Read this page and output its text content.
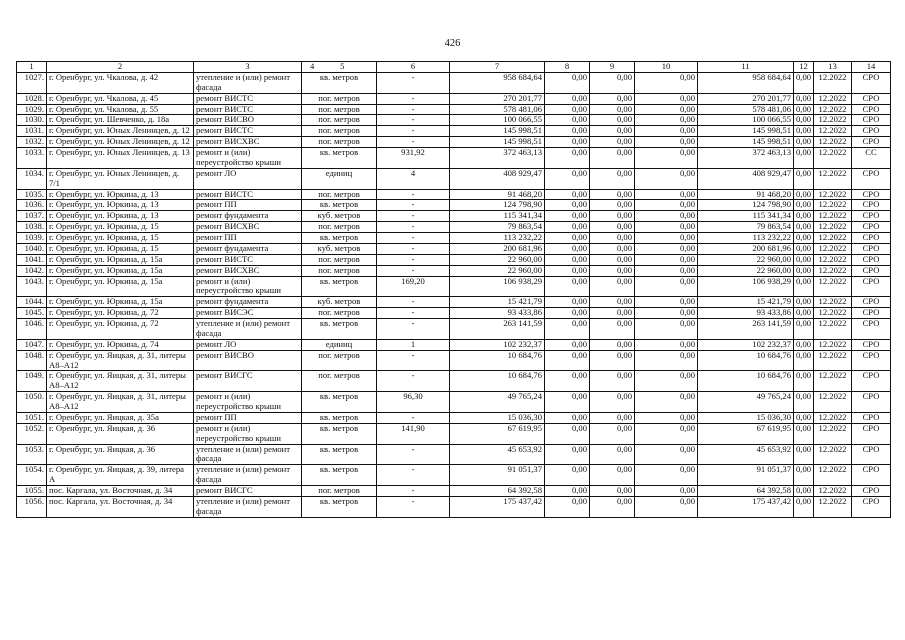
426
1	2	3	4            5	6	7	8	9	10	11	12	13	14
1027.	г. Оренбург, ул. Чкалова, д. 42	утепление и (или) ремонт фасада	кв. метров	-	958 684,64	0,00	0,00	0,00	958 684,64	0,00	12.2022	СРО
1028.	г. Оренбург, ул. Чкалова, д. 45	ремонт ВИСТС	пог. метров	-	270 201,77	0,00	0,00	0,00	270 201,77	0,00	12.2022	СРО
1029.	г. Оренбург, ул. Чкалова, д. 55	ремонт ВИСТС	пог. метров	-	578 481,06	0,00	0,00	0,00	578 481,06	0,00	12.2022	СРО
1030.	г. Оренбург, ул. Шевченко, д. 18а	ремонт ВИСВО	пог. метров	-	100 066,55	0,00	0,00	0,00	100 066,55	0,00	12.2022	СРО
1031.	г. Оренбург, ул. Юных Ленинцев, д. 12	ремонт ВИСТС	пог. метров	-	145 998,51	0,00	0,00	0,00	145 998,51	0,00	12.2022	СРО
1032.	г. Оренбург, ул. Юных Ленинцев, д. 12	ремонт ВИСХВС	пог. метров	-	145 998,51	0,00	0,00	0,00	145 998,51	0,00	12.2022	СРО
1033.	г. Оренбург, ул. Юных Ленинцев, д. 13	ремонт и (или) переустройство крыши	кв. метров	931,92	372 463,13	0,00	0,00	0,00	372 463,13	0,00	12.2022	СС
1034.	г. Оренбург, ул. Юных Ленинцев, д. 7/1	ремонт ЛО	единиц	4	408 929,47	0,00	0,00	0,00	408 929,47	0,00	12.2022	СРО
1035.	г. Оренбург, ул. Юркина, д. 13	ремонт ВИСТС	пог. метров	-	91 468,20	0,00	0,00	0,00	91 468,20	0,00	12.2022	СРО
1036.	г. Оренбург, ул. Юркина, д. 13	ремонт ПП	кв. метров	-	124 798,90	0,00	0,00	0,00	124 798,90	0,00	12.2022	СРО
1037.	г. Оренбург, ул. Юркина, д. 13	ремонт фундамента	куб. метров	-	115 341,34	0,00	0,00	0,00	115 341,34	0,00	12.2022	СРО
1038.	г. Оренбург, ул. Юркина, д. 15	ремонт ВИСХВС	пог. метров	-	79 863,54	0,00	0,00	0,00	79 863,54	0,00	12.2022	СРО
1039.	г. Оренбург, ул. Юркина, д. 15	ремонт ПП	кв. метров	-	113 232,22	0,00	0,00	0,00	113 232,22	0,00	12.2022	СРО
1040.	г. Оренбург, ул. Юркина, д. 15	ремонт фундамента	куб. метров	-	200 681,96	0,00	0,00	0,00	200 681,96	0,00	12.2022	СРО
1041.	г. Оренбург, ул. Юркина, д. 15а	ремонт ВИСТС	пог. метров	-	22 960,00	0,00	0,00	0,00	22 960,00	0,00	12.2022	СРО
1042.	г. Оренбург, ул. Юркина, д. 15а	ремонт ВИСХВС	пог. метров	-	22 960,00	0,00	0,00	0,00	22 960,00	0,00	12.2022	СРО
1043.	г. Оренбург, ул. Юркина, д. 15а	ремонт и (или) переустройство крыши	кв. метров	169,20	106 938,29	0,00	0,00	0,00	106 938,29	0,00	12.2022	СРО
1044.	г. Оренбург, ул. Юркина, д. 15а	ремонт фундамента	куб. метров	-	15 421,79	0,00	0,00	0,00	15 421,79	0,00	12.2022	СРО
1045.	г. Оренбург, ул. Юркина, д. 72	ремонт ВИСЭС	пог. метров	-	93 433,86	0,00	0,00	0,00	93 433,86	0,00	12.2022	СРО
1046.	г. Оренбург, ул. Юркина, д. 72	утепление и (или) ремонт фасада	кв. метров	-	263 141,59	0,00	0,00	0,00	263 141,59	0,00	12.2022	СРО
1047.	г. Оренбург, ул. Юркина, д. 74	ремонт ЛО	единиц	1	102 232,37	0,00	0,00	0,00	102 232,37	0,00	12.2022	СРО
1048.	г. Оренбург, ул. Яицкая, д. 31, литеры А8–А12	ремонт ВИСВО	пог. метров	-	10 684,76	0,00	0,00	0,00	10 684,76	0,00	12.2022	СРО
1049.	г. Оренбург, ул. Яицкая, д. 31, литеры А8–А12	ремонт ВИСГС	пог. метров	-	10 684,76	0,00	0,00	0,00	10 684,76	0,00	12.2022	СРО
1050.	г. Оренбург, ул. Яицкая, д. 31, литеры А8–А12	ремонт и (или) переустройство крыши	кв. метров	96,30	49 765,24	0,00	0,00	0,00	49 765,24	0,00	12.2022	СРО
1051.	г. Оренбург, ул. Яицкая, д. 35а	ремонт ПП	кв. метров	-	15 036,30	0,00	0,00	0,00	15 036,30	0,00	12.2022	СРО
1052.	г. Оренбург, ул. Яицкая, д. 36	ремонт и (или) переустройство крыши	кв. метров	141,90	67 619,95	0,00	0,00	0,00	67 619,95	0,00	12.2022	СРО
1053.	г. Оренбург, ул. Яицкая, д. 36	утепление и (или) ремонт фасада	кв. метров	-	45 653,92	0,00	0,00	0,00	45 653,92	0,00	12.2022	СРО
1054.	г. Оренбург, ул. Яицкая, д. 39, литера А	утепление и (или) ремонт фасада	кв. метров	-	91 051,37	0,00	0,00	0,00	91 051,37	0,00	12.2022	СРО
1055.	пос. Каргала, ул. Восточная, д. 34	ремонт ВИСГС	пог. метров	-	64 392,58	0,00	0,00	0,00	64 392,58	0,00	12.2022	СРО
1056.	пос. Каргала, ул. Восточная, д. 34	утепление и (или) ремонт фасада	кв. метров	-	175 437,42	0,00	0,00	0,00	175 437,42	0,00	12.2022	СРО
